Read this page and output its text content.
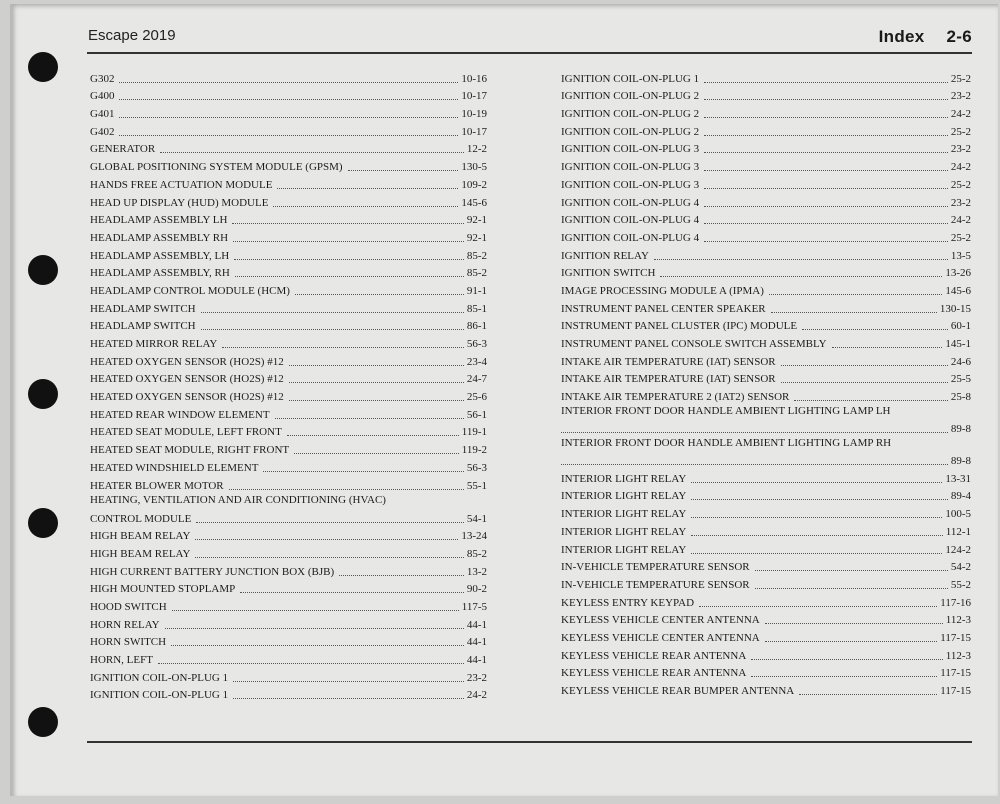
Escape 2019	Index 2-6
G302	10-16
G400	10-17
G401	10-19
G402	10-17
GENERATOR	12-2
GLOBAL POSITIONING SYSTEM MODULE (GPSM)	130-5
HANDS FREE ACTUATION MODULE	109-2
HEAD UP DISPLAY (HUD) MODULE	145-6
HEADLAMP ASSEMBLY LH	92-1
HEADLAMP ASSEMBLY RH	92-1
HEADLAMP ASSEMBLY, LH	85-2
HEADLAMP ASSEMBLY, RH	85-2
HEADLAMP CONTROL MODULE (HCM)	91-1
HEADLAMP SWITCH	85-1
HEADLAMP SWITCH	86-1
HEATED MIRROR RELAY	56-3
HEATED OXYGEN SENSOR (HO2S) #12	23-4
HEATED OXYGEN SENSOR (HO2S) #12	24-7
HEATED OXYGEN SENSOR (HO2S) #12	25-6
HEATED REAR WINDOW ELEMENT	56-1
HEATED SEAT MODULE, LEFT FRONT	119-1
HEATED SEAT MODULE, RIGHT FRONT	119-2
HEATED WINDSHIELD ELEMENT	56-3
HEATER BLOWER MOTOR	55-1
HEATING, VENTILATION AND AIR CONDITIONING (HVAC)
CONTROL MODULE	54-1
HIGH BEAM RELAY	13-24
HIGH BEAM RELAY	85-2
HIGH CURRENT BATTERY JUNCTION BOX (BJB)	13-2
HIGH MOUNTED STOPLAMP	90-2
HOOD SWITCH	117-5
HORN RELAY	44-1
HORN SWITCH	44-1
HORN, LEFT	44-1
IGNITION COIL-ON-PLUG 1	23-2
IGNITION COIL-ON-PLUG 1	24-2
IGNITION COIL-ON-PLUG 1	25-2
IGNITION COIL-ON-PLUG 2	23-2
IGNITION COIL-ON-PLUG 2	24-2
IGNITION COIL-ON-PLUG 2	25-2
IGNITION COIL-ON-PLUG 3	23-2
IGNITION COIL-ON-PLUG 3	24-2
IGNITION COIL-ON-PLUG 3	25-2
IGNITION COIL-ON-PLUG 4	23-2
IGNITION COIL-ON-PLUG 4	24-2
IGNITION COIL-ON-PLUG 4	25-2
IGNITION RELAY	13-5
IGNITION SWITCH	13-26
IMAGE PROCESSING MODULE A (IPMA)	145-6
INSTRUMENT PANEL CENTER SPEAKER	130-15
INSTRUMENT PANEL CLUSTER (IPC) MODULE	60-1
INSTRUMENT PANEL CONSOLE SWITCH ASSEMBLY	145-1
INTAKE AIR TEMPERATURE (IAT) SENSOR	24-6
INTAKE AIR TEMPERATURE (IAT) SENSOR	25-5
INTAKE AIR TEMPERATURE 2 (IAT2) SENSOR	25-8
INTERIOR FRONT DOOR HANDLE AMBIENT LIGHTING LAMP LH
89-8
INTERIOR FRONT DOOR HANDLE AMBIENT LIGHTING LAMP RH
89-8
INTERIOR LIGHT RELAY	13-31
INTERIOR LIGHT RELAY	89-4
INTERIOR LIGHT RELAY	100-5
INTERIOR LIGHT RELAY	112-1
INTERIOR LIGHT RELAY	124-2
IN-VEHICLE TEMPERATURE SENSOR	54-2
IN-VEHICLE TEMPERATURE SENSOR	55-2
KEYLESS ENTRY KEYPAD	117-16
KEYLESS VEHICLE CENTER ANTENNA	112-3
KEYLESS VEHICLE CENTER ANTENNA	117-15
KEYLESS VEHICLE REAR ANTENNA	112-3
KEYLESS VEHICLE REAR ANTENNA	117-15
KEYLESS VEHICLE REAR BUMPER ANTENNA	117-15
